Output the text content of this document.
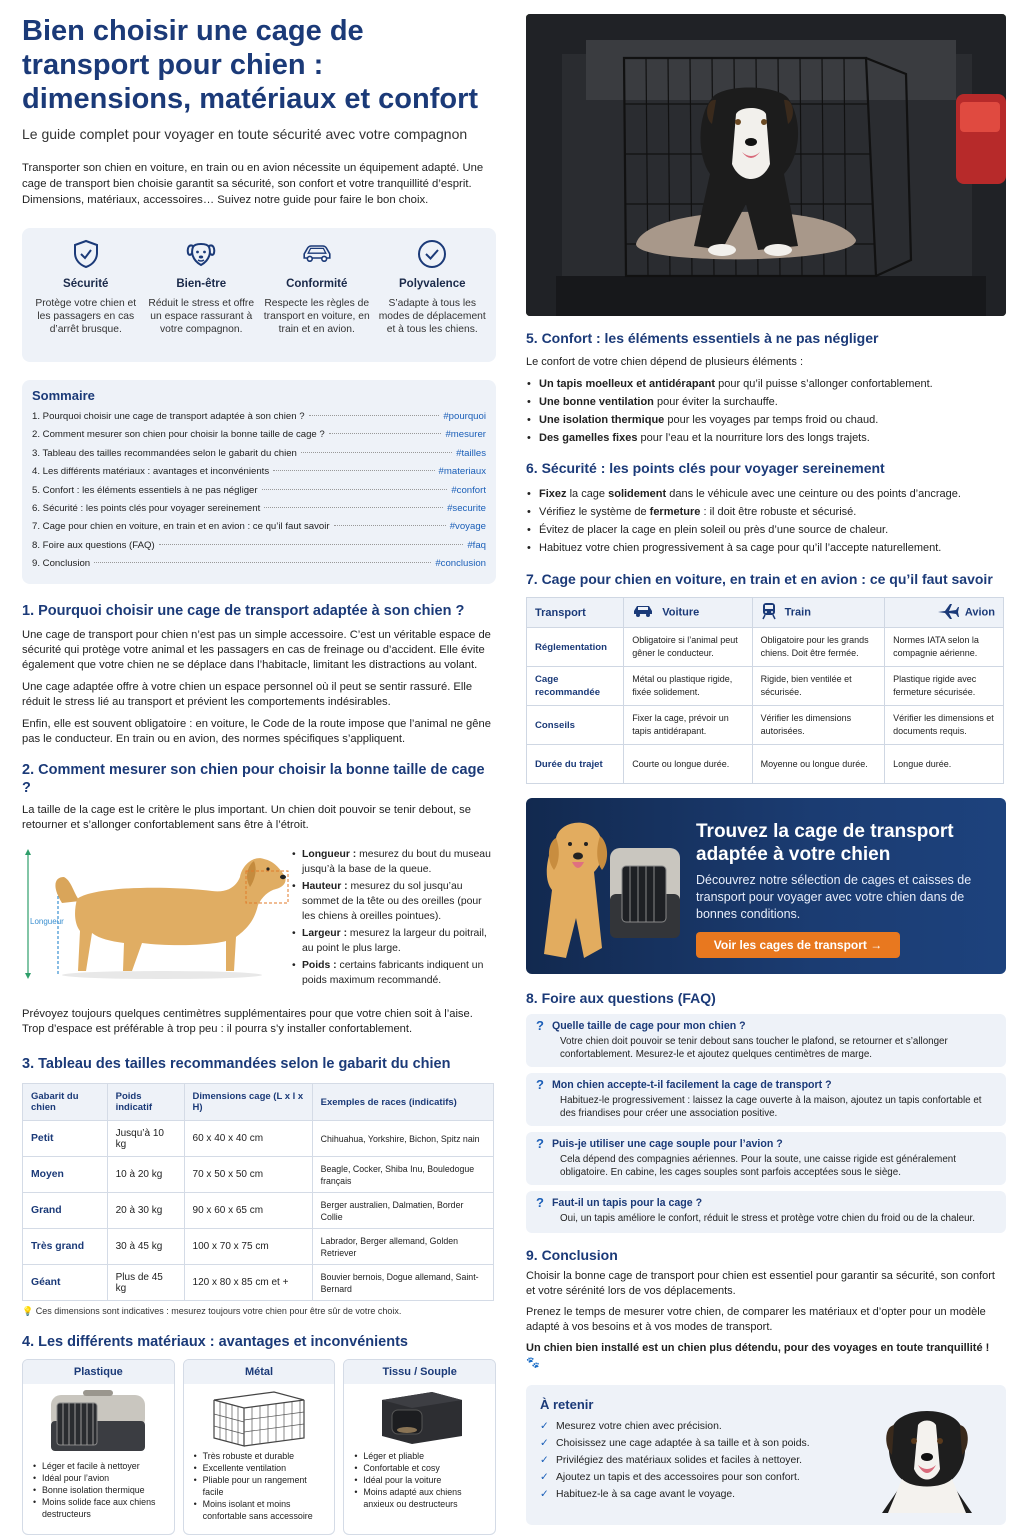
Bien choisir une cage de transport pour chien : dimensions, matériaux et confort
Le guide complet pour voyager en toute sécurité avec votre compagnon

Transporter son chien en voiture, en train ou en avion nécessite un équipement adapté. Une cage de transport bien choisie garantit sa sécurité, son confort et votre tranquillité d’esprit. Dimensions, matériaux, accessoires… Suivez notre guide pour faire le bon choix.

Sécurité
Protège votre chien et les passagers en cas d’arrêt brusque.
Bien-être
Réduit le stress et offre un espace rassurant à votre compagnon.
Conformité
Respecte les règles de transport en voiture, en train et en avion.
Polyvalence
S’adapte à tous les modes de déplacement et à tous les chiens.
Sommaire
1. Pourquoi choisir une cage de transport adaptée à son chien ?	#pourquoi
2. Comment mesurer son chien pour choisir la bonne taille de cage ?	#mesurer
3. Tableau des tailles recommandées selon le gabarit du chien	#tailles
4. Les différents matériaux : avantages et inconvénients	#materiaux
5. Confort : les éléments essentiels à ne pas négliger	#confort
6. Sécurité : les points clés pour voyager sereinement	#securite
7. Cage pour chien en voiture, en train et en avion : ce qu’il faut savoir	#voyage
8. Foire aux questions (FAQ)	#faq
9. Conclusion	#conclusion
1. Pourquoi choisir une cage de transport adaptée à son chien ?

Une cage de transport pour chien n’est pas un simple accessoire. C’est un véritable espace de sécurité qui protège votre animal et les passagers en cas de freinage ou d’accident. Elle évite également que votre chien ne se déplace dans l’habitacle, limitant les distractions au volant.

Une cage adaptée offre à votre chien un espace personnel où il peut se sentir rassuré. Elle réduit le stress lié au transport et prévient les comportements indésirables.

Enfin, elle est souvent obligatoire : en voiture, le Code de la route impose que l’animal ne gêne pas le conducteur. En train ou en avion, des normes spécifiques s’appliquent.

2. Comment mesurer son chien pour choisir la bonne taille de cage ?

La taille de la cage est le critère le plus important. Un chien doit pouvoir se tenir debout, se retourner et s’allonger confortablement sans être à l’étroit.

Longueur
• Longueur : mesurez du bout du museau jusqu’à la base de la queue.
• Hauteur : mesurez du sol jusqu’au sommet de la tête ou des oreilles (pour les chiens à oreilles pointues).
• Largeur : mesurez la largeur du poitrail, au point le plus large.
• Poids : certains fabricants indiquent un poids maximum recommandé.

Prévoyez toujours quelques centimètres supplémentaires pour que votre chien soit à l’aise. Trop d’espace est préférable à trop peu : il pourra s’y installer confortablement.

3. Tableau des tailles recommandées selon le gabarit du chien
Gabarit du chien	Poids indicatif	Dimensions cage (L x l x H)	Exemples de races (indicatifs)
Petit	Jusqu’à 10 kg	60 x 40 x 40 cm	Chihuahua, Yorkshire, Bichon, Spitz nain
Moyen	10 à 20 kg	70 x 50 x 50 cm	Beagle, Cocker, Shiba Inu, Bouledogue français
Grand	20 à 30 kg	90 x 60 x 65 cm	Berger australien, Dalmatien, Border Collie
Très grand	30 à 45 kg	100 x 70 x 75 cm	Labrador, Berger allemand, Golden Retriever
Géant	Plus de 45 kg	120 x 80 x 85 cm et +	Bouvier bernois, Dogue allemand, Saint-Bernard
💡 Ces dimensions sont indicatives : mesurez toujours votre chien pour être sûr de votre choix.
4. Les différents matériaux : avantages et inconvénients
Plastique
• Léger et facile à nettoyer
• Idéal pour l’avion
• Bonne isolation thermique
• Moins solide face aux chiens destructeurs
Métal
• Très robuste et durable
• Excellente ventilation
• Pliable pour un rangement facile
• Moins isolant et moins confortable sans accessoire
Tissu / Souple
• Léger et pliable
• Confortable et cosy
• Idéal pour la voiture
• Moins adapté aux chiens anxieux ou destructeurs
5. Confort : les éléments essentiels à ne pas négliger

Le confort de votre chien dépend de plusieurs éléments :

• Un tapis moelleux et antidérapant pour qu’il puisse s’allonger confortablement.
• Une bonne ventilation pour éviter la surchauffe.
• Une isolation thermique pour les voyages par temps froid ou chaud.
• Des gamelles fixes pour l’eau et la nourriture lors des longs trajets.
6. Sécurité : les points clés pour voyager sereinement
• Fixez la cage solidement dans le véhicule avec une ceinture ou des points d’ancrage.
• Vérifiez le système de fermeture : il doit être robuste et sécurisé.
• Évitez de placer la cage en plein soleil ou près d’une source de chaleur.
• Habituez votre chien progressivement à sa cage pour qu’il l’accepte naturellement.
7. Cage pour chien en voiture, en train et en avion : ce qu’il faut savoir
Transport	Voiture	Train	Avion
Réglementation	Obligatoire si l’animal peut gêner le conducteur.	Obligatoire pour les grands chiens. Doit être fermée.	Normes IATA selon la compagnie aérienne.
Cage recommandée	Métal ou plastique rigide, fixée solidement.	Rigide, bien ventilée et sécurisée.	Plastique rigide avec fermeture sécurisée.
Conseils	Fixer la cage, prévoir un tapis antidérapant.	Vérifier les dimensions autorisées.	Vérifier les dimensions et documents requis.
Durée du trajet	Courte ou longue durée.	Moyenne ou longue durée.	Longue durée.
Trouvez la cage de transport adaptée à votre chien
Découvrez notre sélection de cages et caisses de transport pour voyager avec votre chien dans de bonnes conditions.
Voir les cages de transport →
8. Foire aux questions (FAQ)
? Quelle taille de cage pour mon chien ?
Votre chien doit pouvoir se tenir debout sans toucher le plafond, se retourner et s’allonger confortablement. Mesurez-le et ajoutez quelques centimètres de marge.
? Mon chien accepte-t-il facilement la cage de transport ?
Habituez-le progressivement : laissez la cage ouverte à la maison, ajoutez un tapis confortable et des friandises pour créer une association positive.
? Puis-je utiliser une cage souple pour l’avion ?
Cela dépend des compagnies aériennes. Pour la soute, une caisse rigide est généralement obligatoire. En cabine, les cages souples sont parfois acceptées sous le siège.
? Faut-il un tapis pour la cage ?
Oui, un tapis améliore le confort, réduit le stress et protège votre chien du froid ou de la chaleur.
9. Conclusion

Choisir la bonne cage de transport pour chien est essentiel pour garantir sa sécurité, son confort et votre sérénité lors de vos déplacements.

Prenez le temps de mesurer votre chien, de comparer les matériaux et d’opter pour un modèle adapté à vos besoins et à vos modes de transport.

Un chien bien installé est un chien plus détendu, pour des voyages en toute tranquillité ! 🐾

À retenir
✓ Mesurez votre chien avec précision.
✓ Choisissez une cage adaptée à sa taille et à son poids.
✓ Privilégiez des matériaux solides et faciles à nettoyer.
✓ Ajoutez un tapis et des accessoires pour son confort.
✓ Habituez-le à sa cage avant le voyage.
